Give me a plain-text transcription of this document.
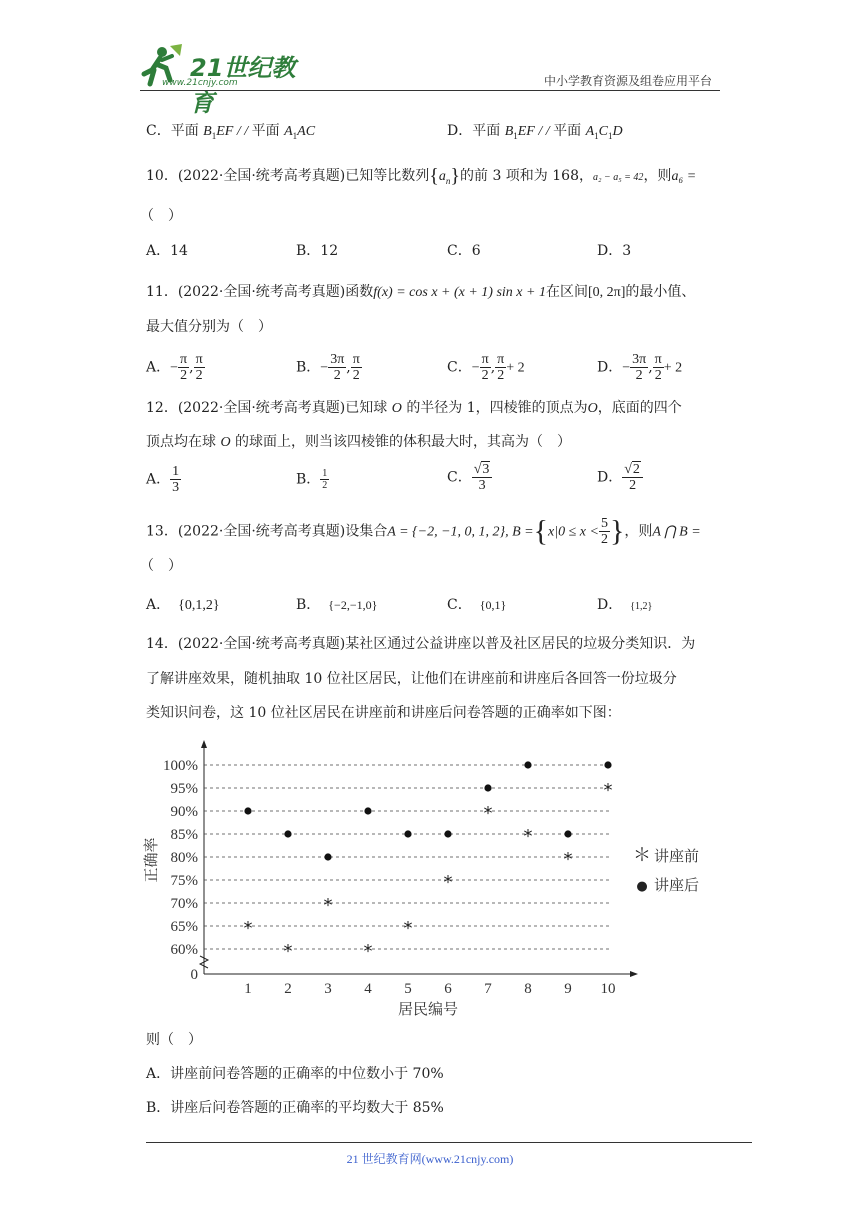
21世纪教育
www.21cnjy.com	中小学教育资源及组卷应用平台
C．平面 $B_1EF$ / / 平面 $A_1AC$	D．平面 $B_1EF$ / / 平面 $A_1C_1D$
10．(2022·全国·统考高考真题)已知等比数列$\{a_n\}$的前 3 项和为 168，a₂ − a₅ = 42，则a₆ =
（　）
A．14	B．12	C．6	D．3
11．(2022·全国·统考高考真题)函数f(x) = cos x + (x + 1) sin x + 1在区间[0, 2π]的最小值、
最大值分别为（　）
A．− $\frac{\pi}{2}$ , $\frac{\pi}{2}$	B．− $\frac{3\pi}{2}$ , $\frac{\pi}{2}$	C．− $\frac{\pi}{2}$ , $\frac{\pi}{2} + 2$	D．− $\frac{3\pi}{2}$ , $\frac{\pi}{2} + 2$
12．(2022·全国·统考高考真题)已知球 O 的半径为 1，四棱锥的顶点为O，底面的四个
顶点均在球 O 的球面上，则当该四棱锥的体积最大时，其高为（　）
A． $\frac{1}{3}$	B． $\frac{1}{2}$	C． $\frac{√3}{3}$	D． $\frac{√2}{2}$
13．(2022·全国·统考高考真题)设集合A = {−2, −1, 0, 1, 2}, $B =\{x|0 \le x < \frac{5}{2}$ }，则A ⋂ B =
（　）
A． {0,1,2}	B． {−2,−1,0}	C． {0,1}	D． {1,2}
14．(2022·全国·统考高考真题)某社区通过公益讲座以普及社区居民的垃圾分类知识．为
了解讲座效果，随机抽取 10 位社区居民，让他们在讲座前和讲座后各回答一份垃圾分
类知识问卷，这 10 位社区居民在讲座前和讲座后问卷答题的正确率如下图：
0
60%
65%
70%
75%
80%
85%
90%
95%
100%
1 2 3 4 5 6 7 8 9 10
居民编号
正确率
*
*
*
*
*
*
*
*
*
*
＊ 讲座前
● 讲座后
则（　）
A．讲座前问卷答题的正确率的中位数小于 70%
B．讲座后问卷答题的正确率的平均数大于 85%
21 世纪教育网(www.21cnjy.com)
